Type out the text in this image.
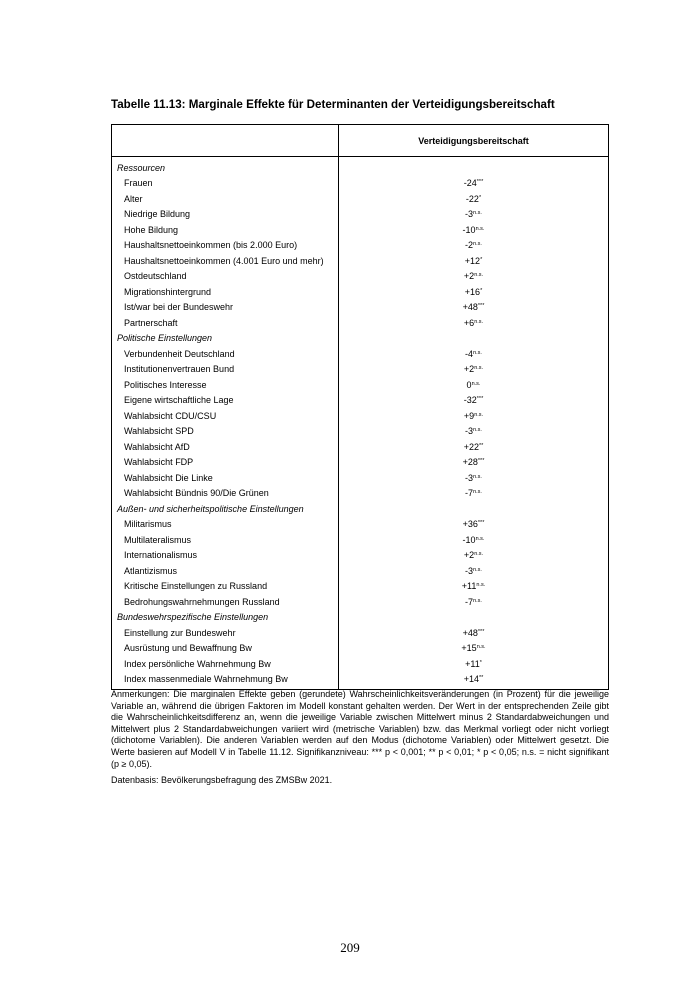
Tabelle 11.13: Marginale Effekte für Determinanten der Verteidigungsbereitschaft
	Verteidigungsbereitschaft
Ressourcen	
Frauen	-24***
Alter	-22*
Niedrige Bildung	$-3^{n.s.}$
Hohe Bildung	$-10^{n.s.}$
Haushaltsnettoeinkommen (bis 2.000 Euro)	$-2^{n.s.}$
Haushaltsnettoeinkommen (4.001 Euro und mehr)	+12*
Ostdeutschland	$+2^{n.s.}$
Migrationshintergrund	+16*
Ist/war bei der Bundeswehr	+48***
Partnerschaft	$+6^{n.s.}$
Politische Einstellungen	
Verbundenheit Deutschland	$-4^{n.s.}$
Institutionenvertrauen Bund	$+2^{n.s.}$
Politisches Interesse	$0^{n.s.}$
Eigene wirtschaftliche Lage	-32***
Wahlabsicht CDU/CSU	$+9^{n.s.}$
Wahlabsicht SPD	$-3^{n.s.}$
Wahlabsicht AfD	+22**
Wahlabsicht FDP	+28***
Wahlabsicht Die Linke	$-3^{n.s.}$
Wahlabsicht Bündnis 90/Die Grünen	$-7^{n.s.}$
Außen- und sicherheitspolitische Einstellungen	
Militarismus	+36***
Multilateralismus	$-10^{n.s.}$
Internationalismus	$+2^{n.s.}$
Atlantizismus	$-3^{n.s.}$
Kritische Einstellungen zu Russland	$+11^{n.s.}$
Bedrohungswahrnehmungen Russland	$-7^{n.s.}$
Bundeswehrspezifische Einstellungen	
Einstellung zur Bundeswehr	+48***
Ausrüstung und Bewaffnung Bw	$+15^{n.s.}$
Index persönliche Wahrnehmung Bw	+11*
Index massenmediale Wahrnehmung Bw	+14**
Anmerkungen: Die marginalen Effekte geben (gerundete) Wahrscheinlichkeitsveränderungen (in Prozent) für die jeweilige Variable an, während die übrigen Faktoren im Modell konstant gehalten werden. Der Wert in der entsprechenden Zeile gibt die Wahrscheinlichkeitsdifferenz an, wenn die jeweilige Variable zwischen Mittelwert minus 2 Standardabweichungen und Mittelwert plus 2 Standardabweichungen variiert wird (metrische Variablen) bzw. das Merkmal vorliegt oder nicht vorliegt (dichotome Variablen). Die anderen Variablen werden auf den Modus (dichotome Variablen) oder Mittelwert gesetzt. Die Werte basieren auf Modell V in Tabelle 11.12. Signifikanzniveau: *** p < 0,001; ** p < 0,01; * p < 0,05; n.s. = nicht signifikant (p ≥ 0,05).
Datenbasis: Bevölkerungsbefragung des ZMSBw 2021.
209
